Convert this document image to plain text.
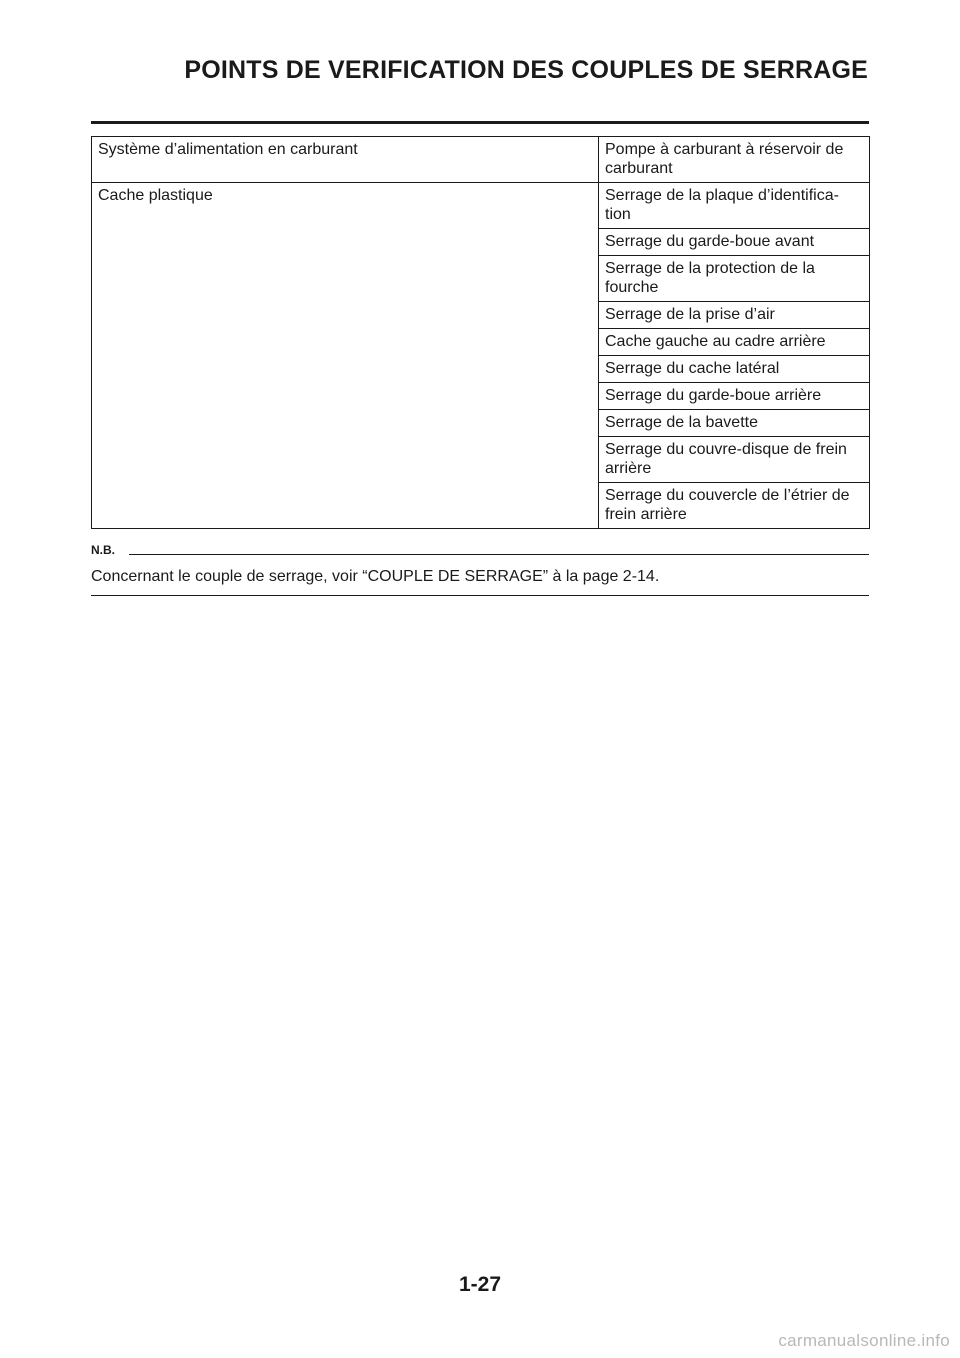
POINTS DE VERIFICATION DES COUPLES DE SERRAGE
Système d’alimentation en carburant	Pompe à carburant à réservoir de carburant
Cache plastique	Serrage de la plaque d’identifica-tion
	Serrage du garde-boue avant
	Serrage de la protection de la fourche
	Serrage de la prise d’air
	Cache gauche au cadre arrière
	Serrage du cache latéral
	Serrage du garde-boue arrière
	Serrage de la bavette
	Serrage du couvre-disque de frein arrière
	Serrage du couvercle de l’étrier de frein arrière
N.B.

Concernant le couple de serrage, voir “COUPLE DE SERRAGE” à la page 2-14.

1-27
carmanualsonline.info
